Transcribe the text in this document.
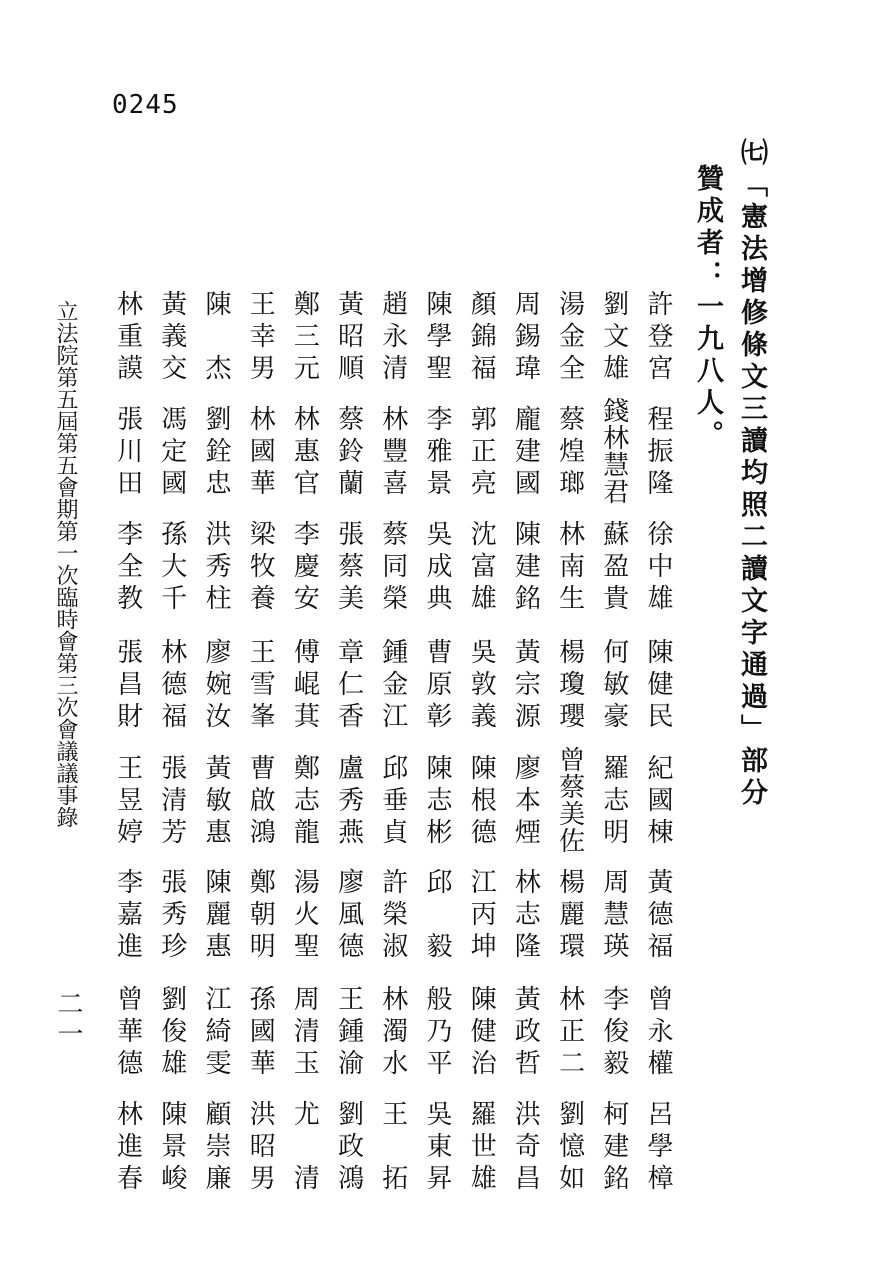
0245
㈦「憲法增修條文三讀均照二讀文字通過」部分
贊成者：一九八人。
許登宮
程振隆
徐中雄
陳健民
紀國棟
黃德福
曾永權
呂學樟
劉文雄
錢林慧君
蘇盈貴
何敏豪
羅志明
周慧瑛
李俊毅
柯建銘
湯金全
蔡煌瑯
林南生
楊瓊瓔
曾蔡美佐
楊麗環
林正二
劉憶如
周錫瑋
龐建國
陳建銘
黃宗源
廖本煙
林志隆
黃政哲
洪奇昌
顏錦福
郭正亮
沈富雄
吳敦義
陳根德
江丙坤
陳健治
羅世雄
陳學聖
李雅景
吳成典
曹原彰
陳志彬
邱　毅
般乃平
吳東昇
趙永清
林豐喜
蔡同榮
鍾金江
邱垂貞
許榮淑
林濁水
王　拓
黃昭順
蔡鈴蘭
張蔡美
章仁香
盧秀燕
廖風德
王鍾渝
劉政鴻
鄭三元
林惠官
李慶安
傅崐萁
鄭志龍
湯火聖
周清玉
尤　清
王幸男
林國華
梁牧養
王雪峯
曹啟鴻
鄭朝明
孫國華
洪昭男
陳　杰
劉銓忠
洪秀柱
廖婉汝
黃敏惠
陳麗惠
江綺雯
顧崇廉
黃義交
馮定國
孫大千
林德福
張清芳
張秀珍
劉俊雄
陳景峻
林重謨
張川田
李全教
張昌財
王昱婷
李嘉進
曾華德
林進春
立法院第五屆第五會期第一次臨時會第三次會議議事錄
二一
